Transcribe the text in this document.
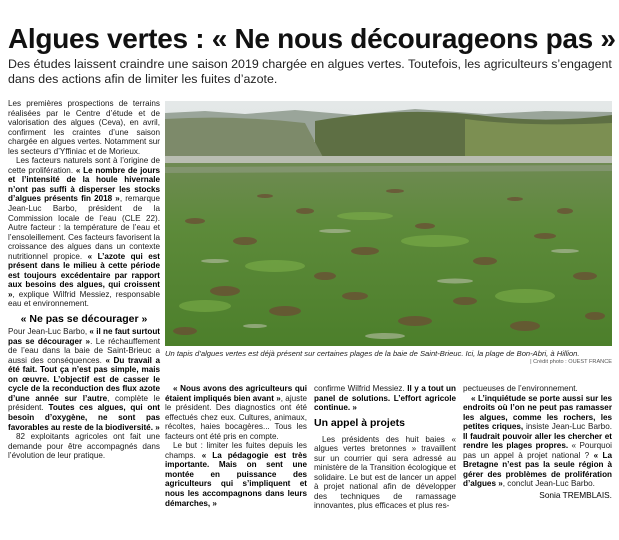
Algues vertes : « Ne nous décourageons pas »
Des études laissent craindre une saison 2019 chargée en algues vertes. Toutefois, les agriculteurs s’engagent dans des actions afin de limiter les fuites d’azote.

Les premières prospections de terrains réalisées par le Centre d’étude et de valorisation des algues (Ceva), en avril, confirment les craintes d’une saison chargée en algues vertes. Notamment sur les secteurs d’Yffiniac et de Morieux.

Les facteurs naturels sont à l’origine de cette prolifération. « Le nombre de jours et l’intensité de la houle hivernale n’ont pas suffi à disperser les stocks d’algues présents fin 2018 », remarque Jean-Luc Barbo, président de la Commission locale de l’eau (CLE 22). Autre facteur : la température de l’eau et l’ensoleillement. Ces facteurs favorisent la croissance des algues dans un contexte nutritionnel propice. « L’azote qui est présent dans le milieu à cette période est toujours excédentaire par rapport aux besoins des algues, qui croissent », explique Wilfrid Messiez, responsable eau et environnement.

« Ne pas se décourager »

Pour Jean-Luc Barbo, « il ne faut surtout pas se décourager ». Le réchauffement de l’eau dans la baie de Saint-Brieuc a aussi des conséquences. « Du travail a été fait. Tout ça n’est pas simple, mais on œuvre. L’objectif est de casser le cycle de la reconduction des flux azote d’une année sur l’autre, complète le président. Toutes ces algues, qui ont besoin d’oxygène, ne sont pas favorables au reste de la biodiversité. »

82 exploitants agricoles ont fait une demande pour être accompagnés dans l’évolution de leur pratique.

Un tapis d’algues vertes est déjà présent sur certaines plages de la baie de Saint-Brieuc. Ici, la plage de Bon-Abri, à Hillion.
| Crédit photo : OUEST FRANCE

« Nous avons des agriculteurs qui étaient impliqués bien avant », ajuste le président. Des diagnostics ont été effectués chez eux. Cultures, animaux, récoltes, haies bocagères... Tous les facteurs ont été pris en compte.

Le but : limiter les fuites depuis les champs. « La pédagogie est très importante. Mais on sent une montée en puissance des agriculteurs qui s’impliquent et nous les accompagnons dans leurs démarches, »

confirme Wilfrid Messiez. Il y a tout un panel de solutions. L’effort agricole continue. »

Un appel à projets

Les présidents des huit baies « algues vertes bretonnes » travaillent sur un courrier qui sera adressé au ministère de la Transition écologique et solidaire. Le but est de lancer un appel à projet national afin de développer des techniques de ramassage innovantes, plus efficaces et plus res-

pectueuses de l’environnement.

« L’inquiétude se porte aussi sur les endroits où l’on ne peut pas ramasser les algues, comme les rochers, les petites criques, insiste Jean-Luc Barbo. Il faudrait pouvoir aller les chercher et rendre les plages propres. « Pourquoi pas un appel à projet national ? « La Bretagne n’est pas la seule région à gérer des problèmes de prolifération d’algues », conclut Jean-Luc Barbo.

Sonia TREMBLAIS.
